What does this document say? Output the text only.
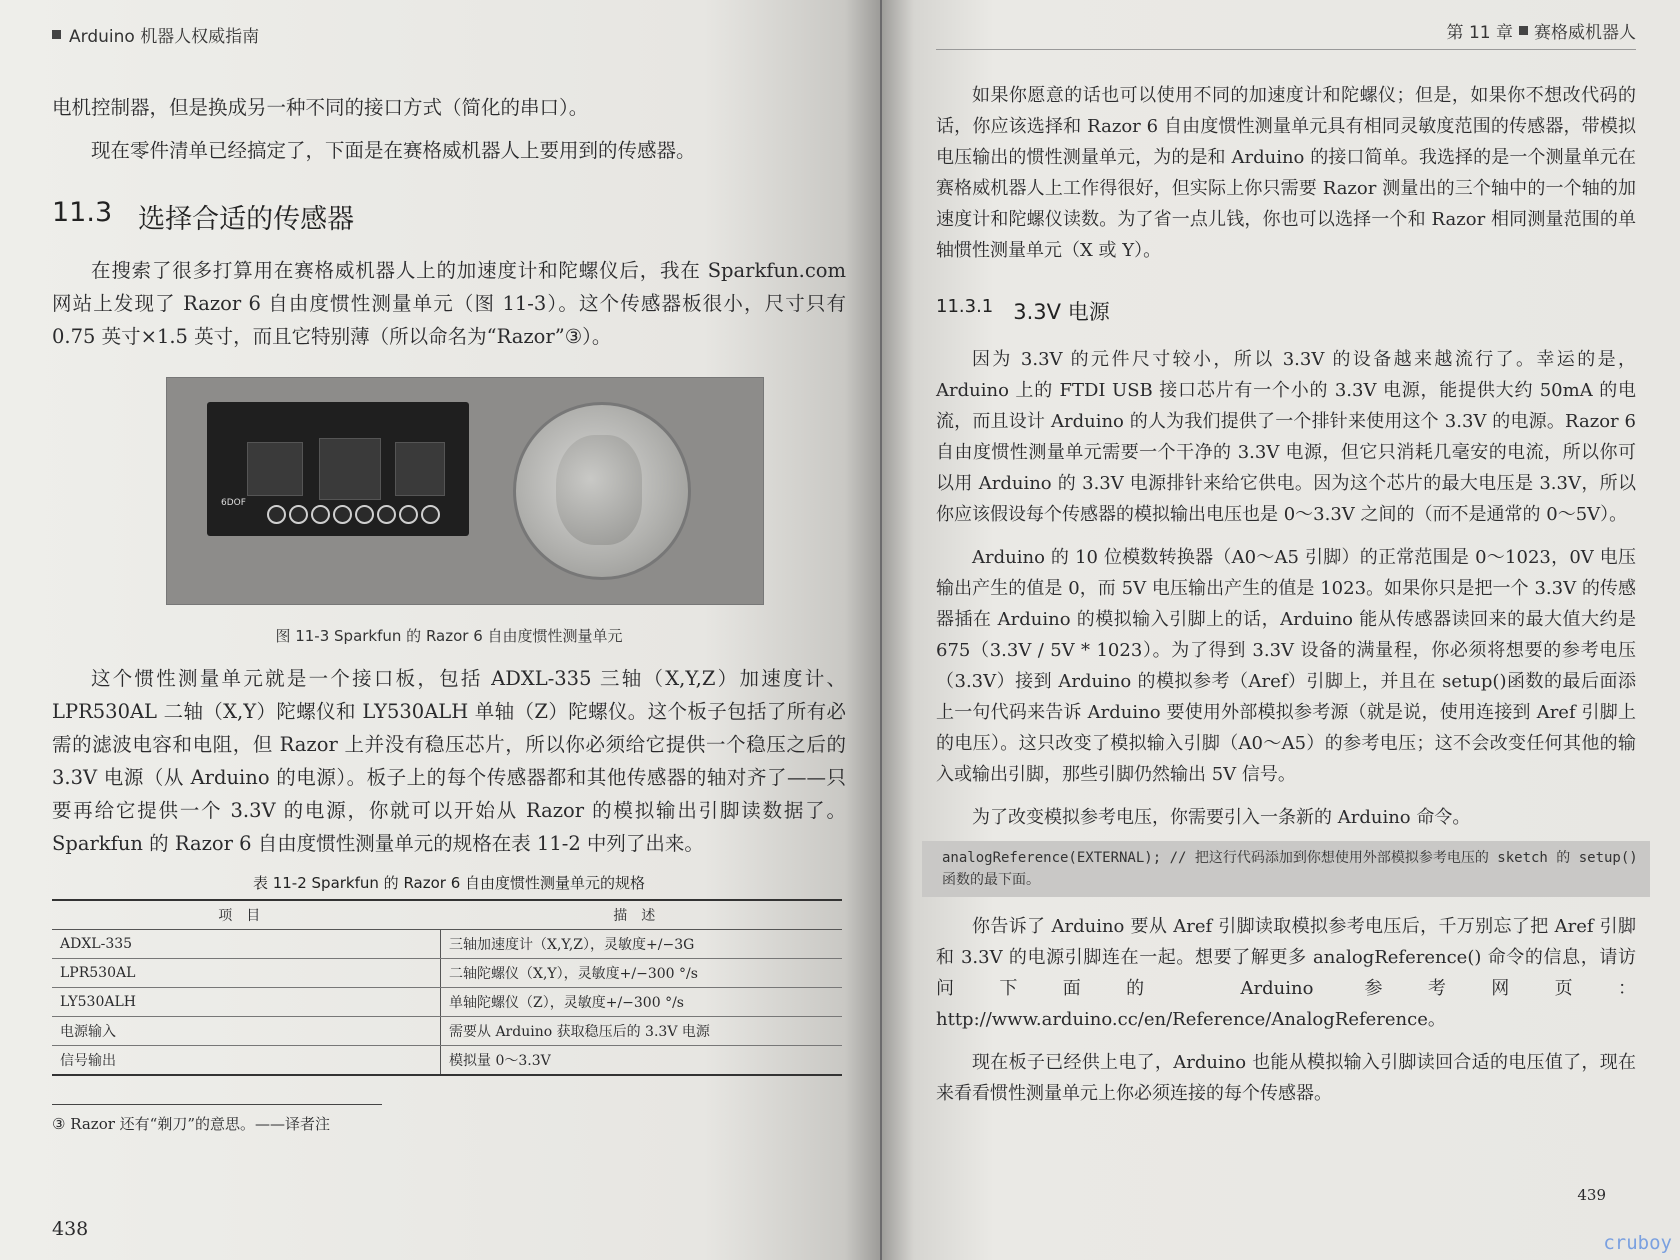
Arduino 机器人权威指南

电机控制器，但是换成另一种不同的接口方式（简化的串口）。

现在零件清单已经搞定了，下面是在赛格威机器人上要用到的传感器。

11.3 选择合适的传感器

在搜索了很多打算用在赛格威机器人上的加速度计和陀螺仪后，我在 Sparkfun.com 网站上发现了 Razor 6 自由度惯性测量单元（图 11-3）。这个传感器板很小，尺寸只有 0.75 英寸×1.5 英寸，而且它特别薄（所以命名为“Razor”③）。

6DOF
图 11-3 Sparkfun 的 Razor 6 自由度惯性测量单元

这个惯性测量单元就是一个接口板，包括 ADXL-335 三轴（X,Y,Z）加速度计、LPR530AL 二轴（X,Y）陀螺仪和 LY530ALH 单轴（Z）陀螺仪。这个板子包括了所有必需的滤波电容和电阻，但 Razor 上并没有稳压芯片，所以你必须给它提供一个稳压之后的 3.3V 电源（从 Arduino 的电源）。板子上的每个传感器都和其他传感器的轴对齐了——只要再给它提供一个 3.3V 的电源，你就可以开始从 Razor 的模拟输出引脚读数据了。Sparkfun 的 Razor 6 自由度惯性测量单元的规格在表 11-2 中列了出来。

表 11-2 Sparkfun 的 Razor 6 自由度惯性测量单元的规格
项目	描述
ADXL-335	三轴加速度计（X,Y,Z），灵敏度+/−3G
LPR530AL	二轴陀螺仪（X,Y），灵敏度+/−300 °/s
LY530ALH	单轴陀螺仪（Z），灵敏度+/−300 °/s
电源输入	需要从 Arduino 获取稳压后的 3.3V 电源
信号输出	模拟量 0～3.3V

③ Razor 还有“剃刀”的意思。——译者注

438
第 11 章 赛格威机器人

如果你愿意的话也可以使用不同的加速度计和陀螺仪；但是，如果你不想改代码的话，你应该选择和 Razor 6 自由度惯性测量单元具有相同灵敏度范围的传感器，带模拟电压输出的惯性测量单元，为的是和 Arduino 的接口简单。我选择的是一个测量单元在赛格威机器人上工作得很好，但实际上你只需要 Razor 测量出的三个轴中的一个轴的加速度计和陀螺仪读数。为了省一点儿钱，你也可以选择一个和 Razor 相同测量范围的单轴惯性测量单元（X 或 Y）。

11.3.1 3.3V 电源

因为 3.3V 的元件尺寸较小，所以 3.3V 的设备越来越流行了。幸运的是，Arduino 上的 FTDI USB 接口芯片有一个小的 3.3V 电源，能提供大约 50mA 的电流，而且设计 Arduino 的人为我们提供了一个排针来使用这个 3.3V 的电源。Razor 6 自由度惯性测量单元需要一个干净的 3.3V 电源，但它只消耗几毫安的电流，所以你可以用 Arduino 的 3.3V 电源排针来给它供电。因为这个芯片的最大电压是 3.3V，所以你应该假设每个传感器的模拟输出电压也是 0～3.3V 之间的（而不是通常的 0～5V）。

Arduino 的 10 位模数转换器（A0～A5 引脚）的正常范围是 0～1023，0V 电压输出产生的值是 0，而 5V 电压输出产生的值是 1023。如果你只是把一个 3.3V 的传感器插在 Arduino 的模拟输入引脚上的话，Arduino 能从传感器读回来的最大值大约是 675（3.3V / 5V * 1023）。为了得到 3.3V 设备的满量程，你必须将想要的参考电压（3.3V）接到 Arduino 的模拟参考（Aref）引脚上，并且在 setup()函数的最后面添上一句代码来告诉 Arduino 要使用外部模拟参考源（就是说，使用连接到 Aref 引脚上的电压）。这只改变了模拟输入引脚（A0～A5）的参考电压；这不会改变任何其他的输入或输出引脚，那些引脚仍然输出 5V 信号。

为了改变模拟参考电压，你需要引入一条新的 Arduino 命令。

analogReference(EXTERNAL); // 把这行代码添加到你想使用外部模拟参考电压的 sketch 的 setup()函数的最下面。

你告诉了 Arduino 要从 Aref 引脚读取模拟参考电压后，千万别忘了把 Aref 引脚和 3.3V 的电源引脚连在一起。想要了解更多 analogReference() 命令的信息，请访问下面的 Arduino 参考网页：http://www.arduino.cc/en/Reference/AnalogReference。

现在板子已经供上电了，Arduino 也能从模拟输入引脚读回合适的电压值了，现在来看看惯性测量单元上你必须连接的每个传感器。

439
cruboy
